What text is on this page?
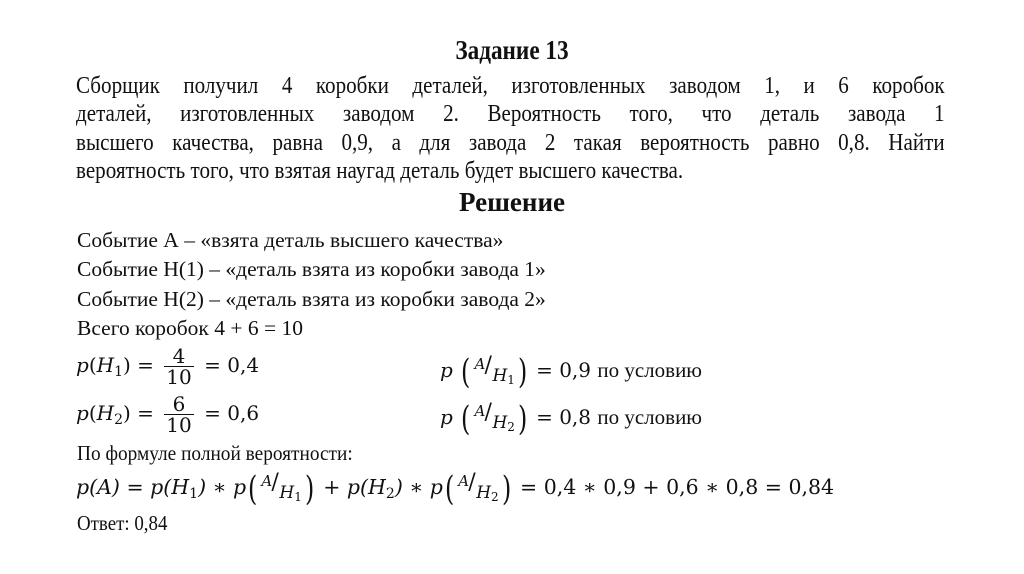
Задание 13
Сборщик получил 4 коробки деталей, изготовленных заводом 1, и 6 коробок
деталей, изготовленных заводом 2. Вероятность того, что деталь завода 1
высшего качества, равна 0,9, а для завода 2 такая вероятность равно 0,8. Найти
вероятность того, что взятая наугад деталь будет высшего качества.
Решение
Событие А – «взята деталь высшего качества»
Событие Н(1) – «деталь взята из коробки завода 1»
Событие Н(2) – «деталь взята из коробки завода 2»
Всего коробок 4 + 6 = 10
$p(H_1) = \frac{4}{10} = 0,4$
$p(H_2) = \frac{6}{10} = 0,6$
p ( A / $H_1$ ) = 0,9 по условию
p ( A / $H_2$ ) = 0,8 по условию
По формуле полной вероятности:
$p(A) = p(H_1)$ ∗ p( A / $H_1$ ) + $p(H_2)$ ∗ p( A / $H_2$ ) = 0,4 ∗ 0,9 + 0,6 ∗ 0,8 = 0,84
Ответ: 0,84
